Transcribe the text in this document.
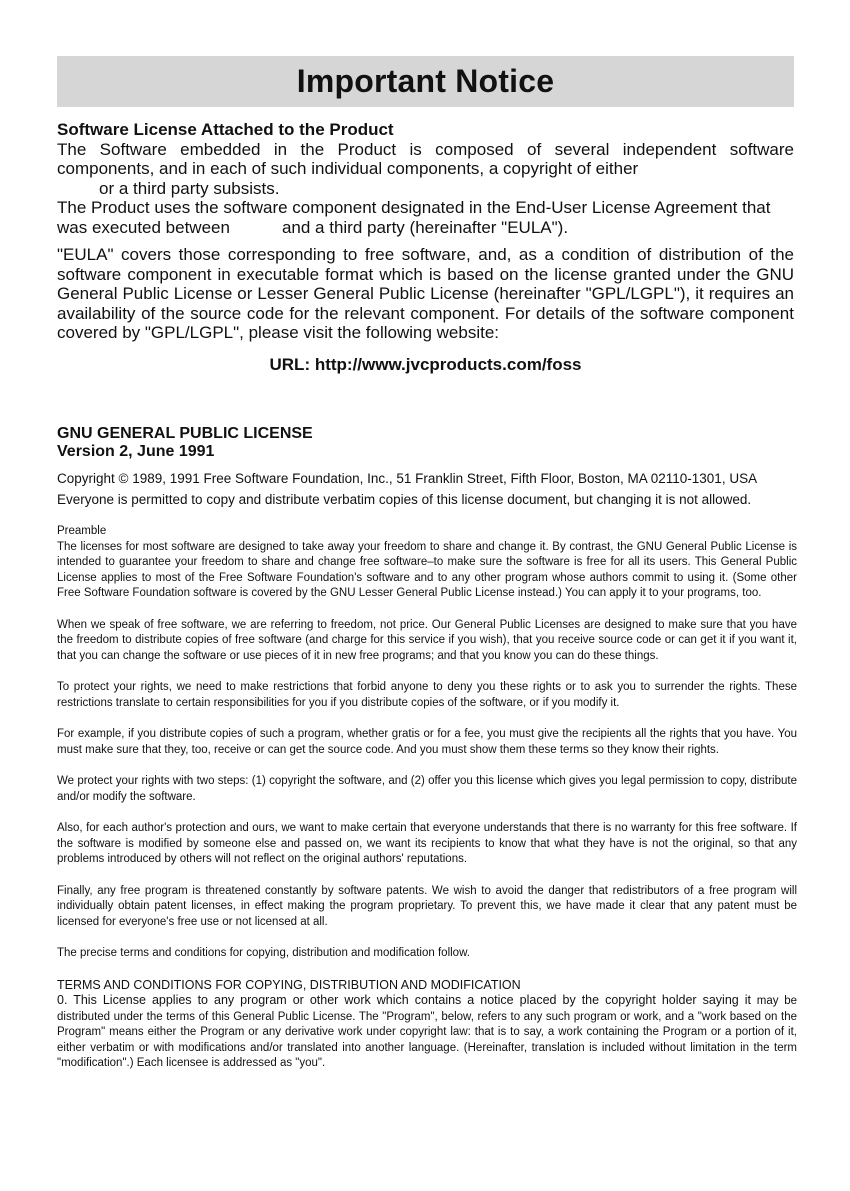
Important Notice

Software License Attached to the Product

The Software embedded in the Product is composed of several independent software components, and in each of such individual components, a copyright of either

or a third party subsists.

The Product uses the software component designated in the End-User License Agreement that was executed between	and a third party (hereinafter "EULA").

"EULA" covers those corresponding to free software, and, as a condition of distribution of the software component in executable format which is based on the license granted under the GNU General Public License or Lesser General Public License (hereinafter "GPL/LGPL"), it requires an availability of the source code for the relevant component. For details of the software component covered by "GPL/LGPL", please visit the following website:

URL: http://www.jvcproducts.com/foss

GNU GENERAL PUBLIC LICENSE
Version 2, June 1991

Copyright © 1989, 1991 Free Software Foundation, Inc., 51 Franklin Street, Fifth Floor, Boston, MA 02110-1301, USA

Everyone is permitted to copy and distribute verbatim copies of this license document, but changing it is not allowed.

Preamble

The licenses for most software are designed to take away your freedom to share and change it. By contrast, the GNU General Public License is intended to guarantee your freedom to share and change free software–to make sure the software is free for all its users. This General Public License applies to most of the Free Software Foundation's software and to any other program whose authors commit to using it. (Some other Free Software Foundation software is covered by the GNU Lesser General Public License instead.) You can apply it to your programs, too.

When we speak of free software, we are referring to freedom, not price. Our General Public Licenses are designed to make sure that you have the freedom to distribute copies of free software (and charge for this service if you wish), that you receive source code or can get it if you want it, that you can change the software or use pieces of it in new free programs; and that you know you can do these things.

To protect your rights, we need to make restrictions that forbid anyone to deny you these rights or to ask you to surrender the rights. These restrictions translate to certain responsibilities for you if you distribute copies of the software, or if you modify it.

For example, if you distribute copies of such a program, whether gratis or for a fee, you must give the recipients all the rights that you have. You must make sure that they, too, receive or can get the source code. And you must show them these terms so they know their rights.

We protect your rights with two steps: (1) copyright the software, and (2) offer you this license which gives you legal permission to copy, distribute and/or modify the software.

Also, for each author's protection and ours, we want to make certain that everyone understands that there is no warranty for this free software. If the software is modified by someone else and passed on, we want its recipients to know that what they have is not the original, so that any problems introduced by others will not reflect on the original authors' reputations.

Finally, any free program is threatened constantly by software patents. We wish to avoid the danger that redistributors of a free program will individually obtain patent licenses, in effect making the program proprietary. To prevent this, we have made it clear that any patent must be licensed for everyone's free use or not licensed at all.

The precise terms and conditions for copying, distribution and modification follow.

TERMS AND CONDITIONS FOR COPYING, DISTRIBUTION AND MODIFICATION

0. This License applies to any program or other work which contains a notice placed by the copyright holder saying it may be distributed under the terms of this General Public License. The "Program", below, refers to any such program or work, and a "work based on the Program" means either the Program or any derivative work under copyright law: that is to say, a work containing the Program or a portion of it, either verbatim or with modifications and/or translated into another language. (Hereinafter, translation is included without limitation in the term "modification".) Each licensee is addressed as "you".
